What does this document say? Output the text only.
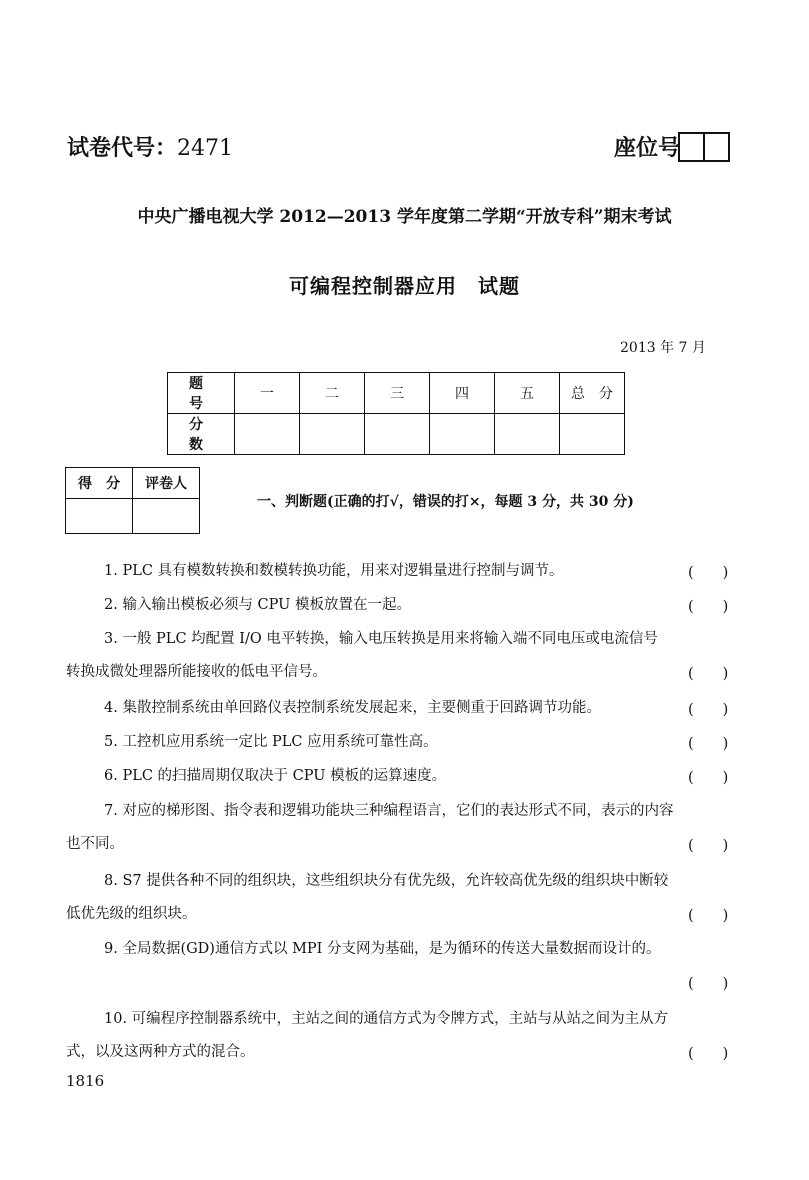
试卷代号：2471	座位号
中央广播电视大学 2012—2013 学年度第二学期“开放专科”期末考试
可编程控制器应用　试题
2013 年 7 月
题　号	一	二	三	四	五	总　分
分　数						
得　分	评卷人

一、判断题(正确的打√，错误的打×，每题 3 分，共 30 分)
1. PLC 具有模数转换和数模转换功能，用来对逻辑量进行控制与调节。	(　　)
2. 输入输出模板必须与 CPU 模板放置在一起。	(　　)
3. 一般 PLC 均配置 I/O 电平转换，输入电压转换是用来将输入端不同电压或电流信号
转换成微处理器所能接收的低电平信号。	(　　)
4. 集散控制系统由单回路仪表控制系统发展起来，主要侧重于回路调节功能。	(　　)
5. 工控机应用系统一定比 PLC 应用系统可靠性高。	(　　)
6. PLC 的扫描周期仅取决于 CPU 模板的运算速度。	(　　)
7. 对应的梯形图、指令表和逻辑功能块三种编程语言，它们的表达形式不同，表示的内容
也不同。	(　　)
8. S7 提供各种不同的组织块，这些组织块分有优先级，允许较高优先级的组织块中断较
低优先级的组织块。	(　　)
9. 全局数据(GD)通信方式以 MPI 分支网为基础，是为循环的传送大量数据而设计的。
(　　)
10. 可编程序控制器系统中，主站之间的通信方式为令牌方式，主站与从站之间为主从方
式，以及这两种方式的混合。	(　　)
1816
